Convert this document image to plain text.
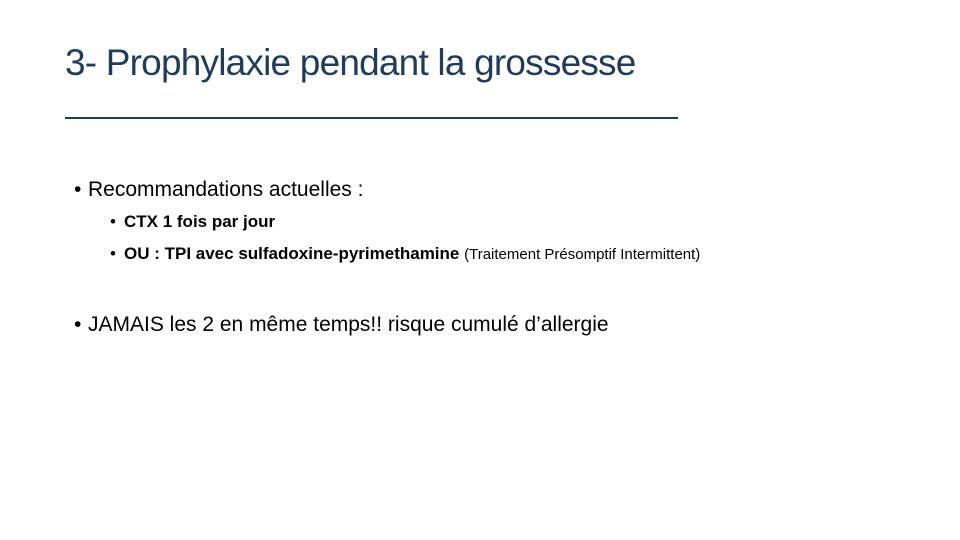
3- Prophylaxie pendant la grossesse
• Recommandations actuelles :
• CTX 1 fois par jour
• OU : TPI avec sulfadoxine-pyrimethamine (Traitement Présomptif Intermittent)
• JAMAIS les 2 en même temps!! risque cumulé d’allergie
